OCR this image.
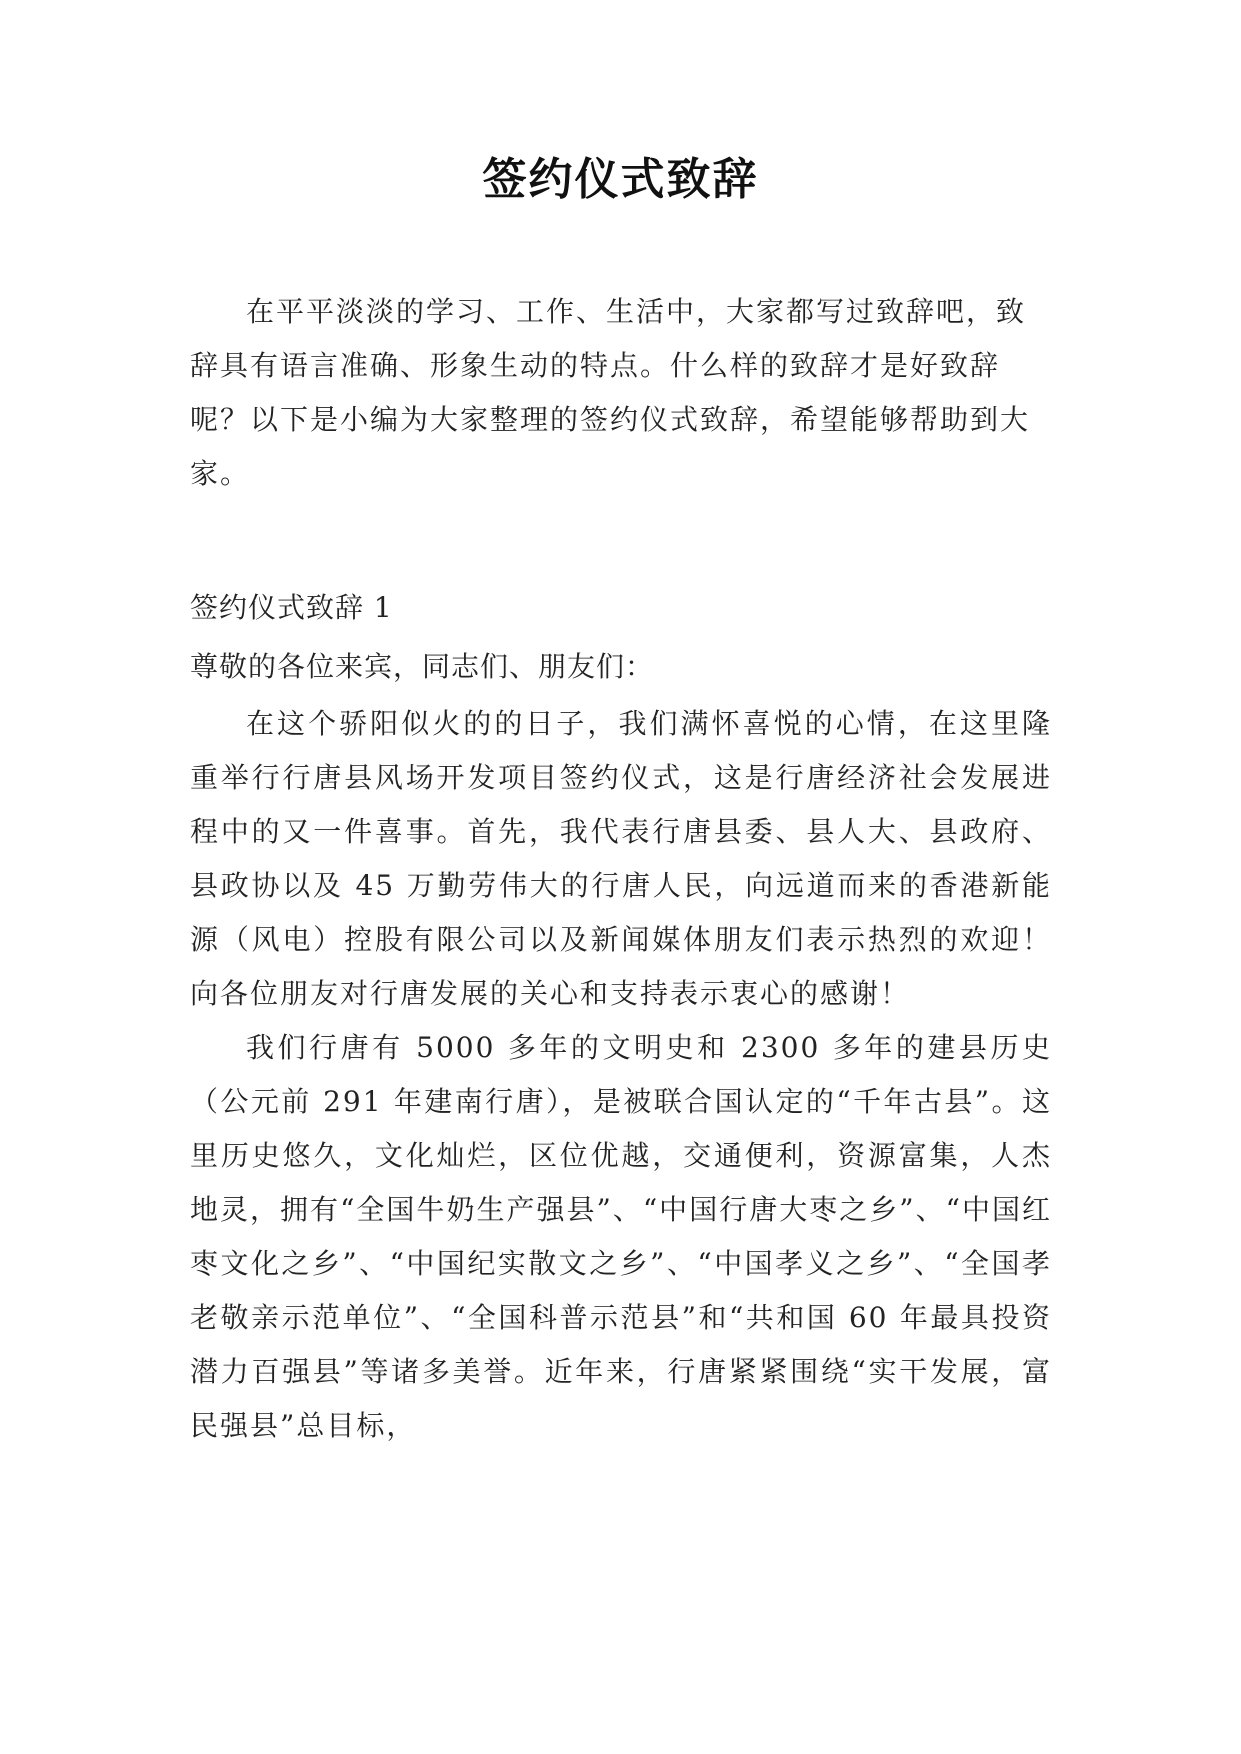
签约仪式致辞
在平平淡淡的学习、工作、生活中，大家都写过致辞吧，致辞具有语言准确、形象生动的特点。什么样的致辞才是好致辞呢？以下是小编为大家整理的签约仪式致辞，希望能够帮助到大家。
签约仪式致辞 1
尊敬的各位来宾，同志们、朋友们：

在这个骄阳似火的的日子，我们满怀喜悦的心情，在这里隆重举行行唐县风场开发项目签约仪式，这是行唐经济社会发展进程中的又一件喜事。首先，我代表行唐县委、县人大、县政府、县政协以及 45 万勤劳伟大的行唐人民，向远道而来的香港新能源（风电）控股有限公司以及新闻媒体朋友们表示热烈的欢迎！向各位朋友对行唐发展的关心和支持表示衷心的感谢！

我们行唐有 5000 多年的文明史和 2300 多年的建县历史（公元前 291 年建南行唐），是被联合国认定的“千年古县”。这里历史悠久，文化灿烂，区位优越，交通便利，资源富集，人杰地灵，拥有“全国牛奶生产强县”、“中国行唐大枣之乡”、“中国红枣文化之乡”、“中国纪实散文之乡”、“中国孝义之乡”、“全国孝老敬亲示范单位”、“全国科普示范县”和“共和国 60 年最具投资潜力百强县”等诸多美誉。近年来，行唐紧紧围绕“实干发展，富民强县”总目标，
